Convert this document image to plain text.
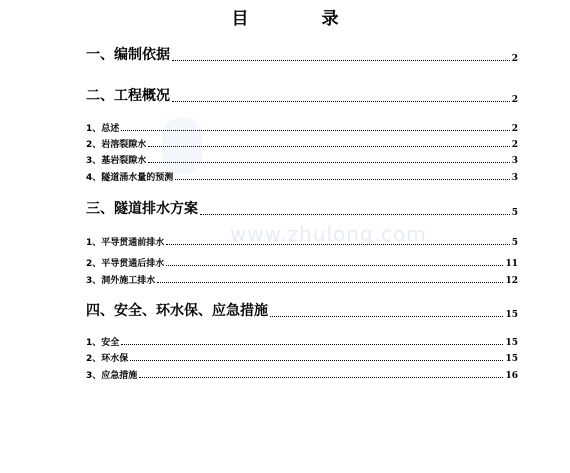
www.zhulong.com
目　录
一、编制依据	2
二、工程概况	2
1、总述	2
2、岩溶裂隙水	2
3、基岩裂隙水	3
4、隧道涌水量的预测	3
三、隧道排水方案	5
1、平导贯通前排水	5
2、平导贯通后排水	11
3、洞外施工排水	12
四、安全、环水保、应急措施	15
1、安全	15
2、环水保	15
3、应急措施	16
